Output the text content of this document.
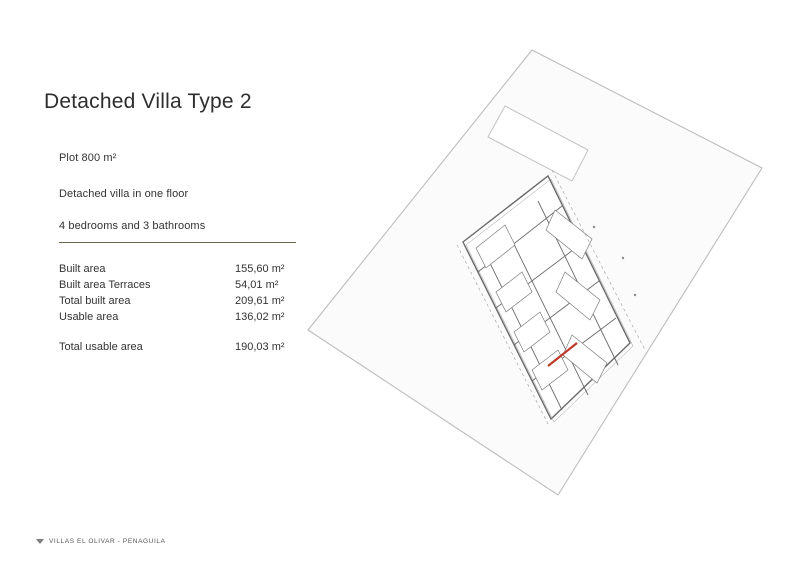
Detached Villa Type 2
Plot 800 m²
Detached villa in one floor
4 bedrooms and 3 bathrooms
Built area	155,60 m²
Built area Terraces	54,01 m²
Total built area	209,61 m²
Usable area	136,02 m²
Total usable area	190,03 m²
VILLAS EL OLIVAR - PENAGUILA
